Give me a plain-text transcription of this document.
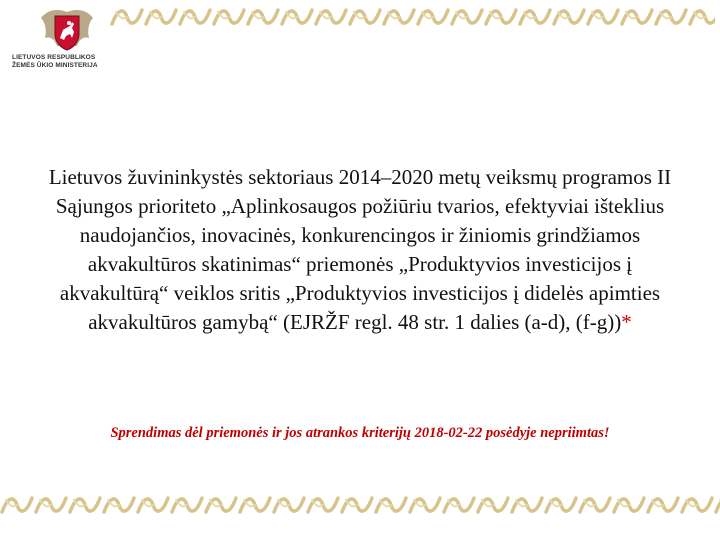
LIETUVOS RESPUBLIKOS
ŽEMĖS ŪKIO MINISTERIJA
Lietuvos žuvininkystės sektoriaus 2014–2020 metų veiksmų programos II Sąjungos prioriteto „Aplinkosaugos požiūriu tvarios, efektyviai išteklius naudojančios, inovacinės, konkurencingos ir žiniomis grindžiamos akvakultūros skatinimas“ priemonės „Produktyvios investicijos į akvakultūrą“ veiklos sritis „Produktyvios investicijos į didelės apimties akvakultūros gamybą“ (EJRŽF regl. 48 str. 1 dalies (a-d), (f-g))*

Sprendimas dėl priemonės ir jos atrankos kriterijų 2018-02-22 posėdyje nepriimtas!
